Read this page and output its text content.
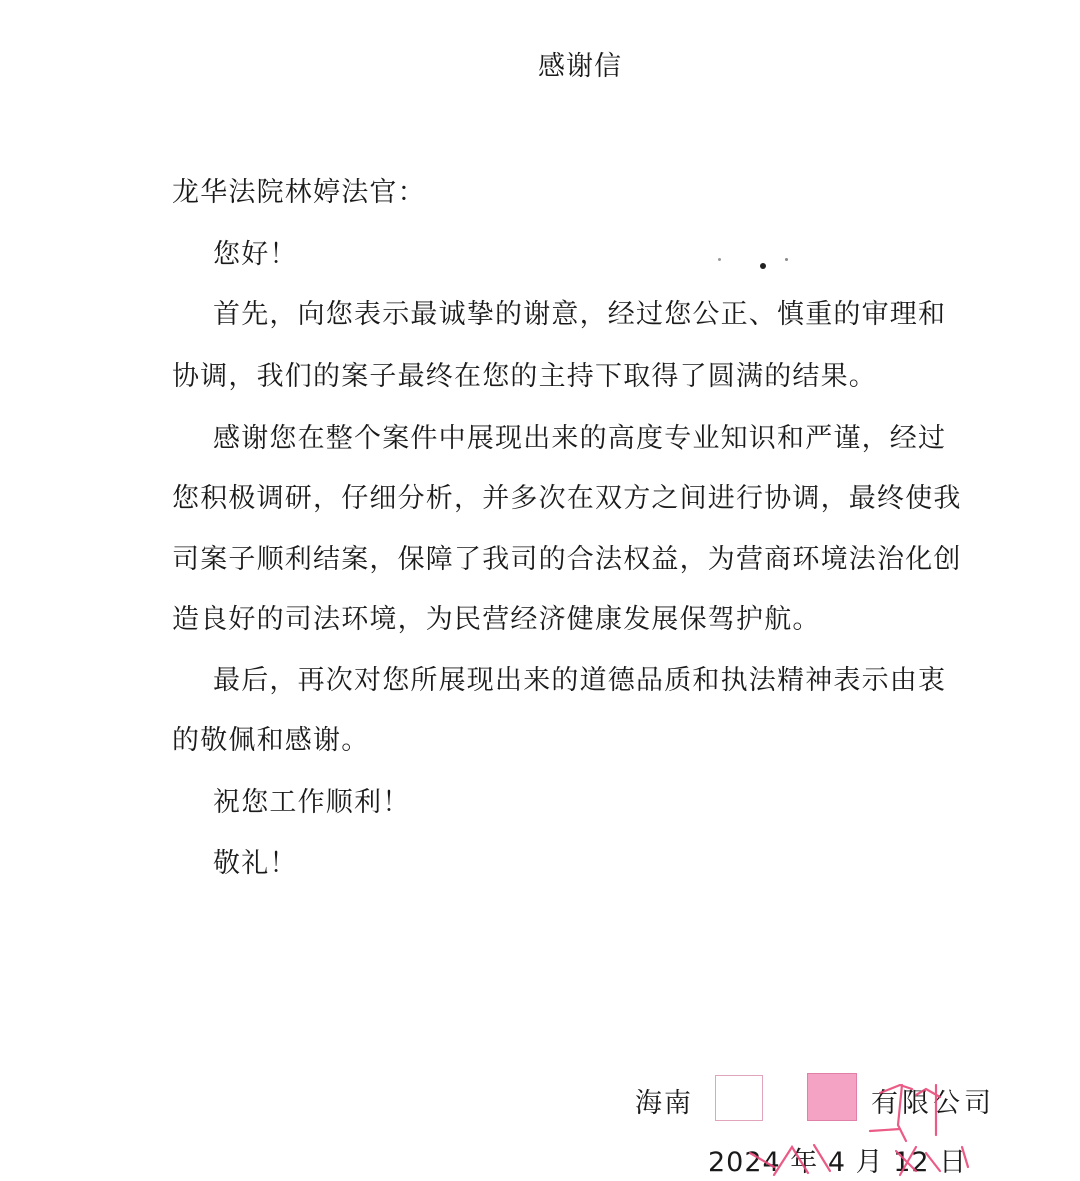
感谢信
龙华法院林婷法官：
您好！
首先，向您表示最诚挚的谢意，经过您公正、慎重的审理和
协调，我们的案子最终在您的主持下取得了圆满的结果。
感谢您在整个案件中展现出来的高度专业知识和严谨，经过
您积极调研，仔细分析，并多次在双方之间进行协调，最终使我
司案子顺利结案，保障了我司的合法权益，为营商环境法治化创
造良好的司法环境，为民营经济健康发展保驾护航。
最后，再次对您所展现出来的道德品质和执法精神表示由衷
的敬佩和感谢。
祝您工作顺利！
敬礼！
海南	有限公司
2024 年 4 月 12 日
